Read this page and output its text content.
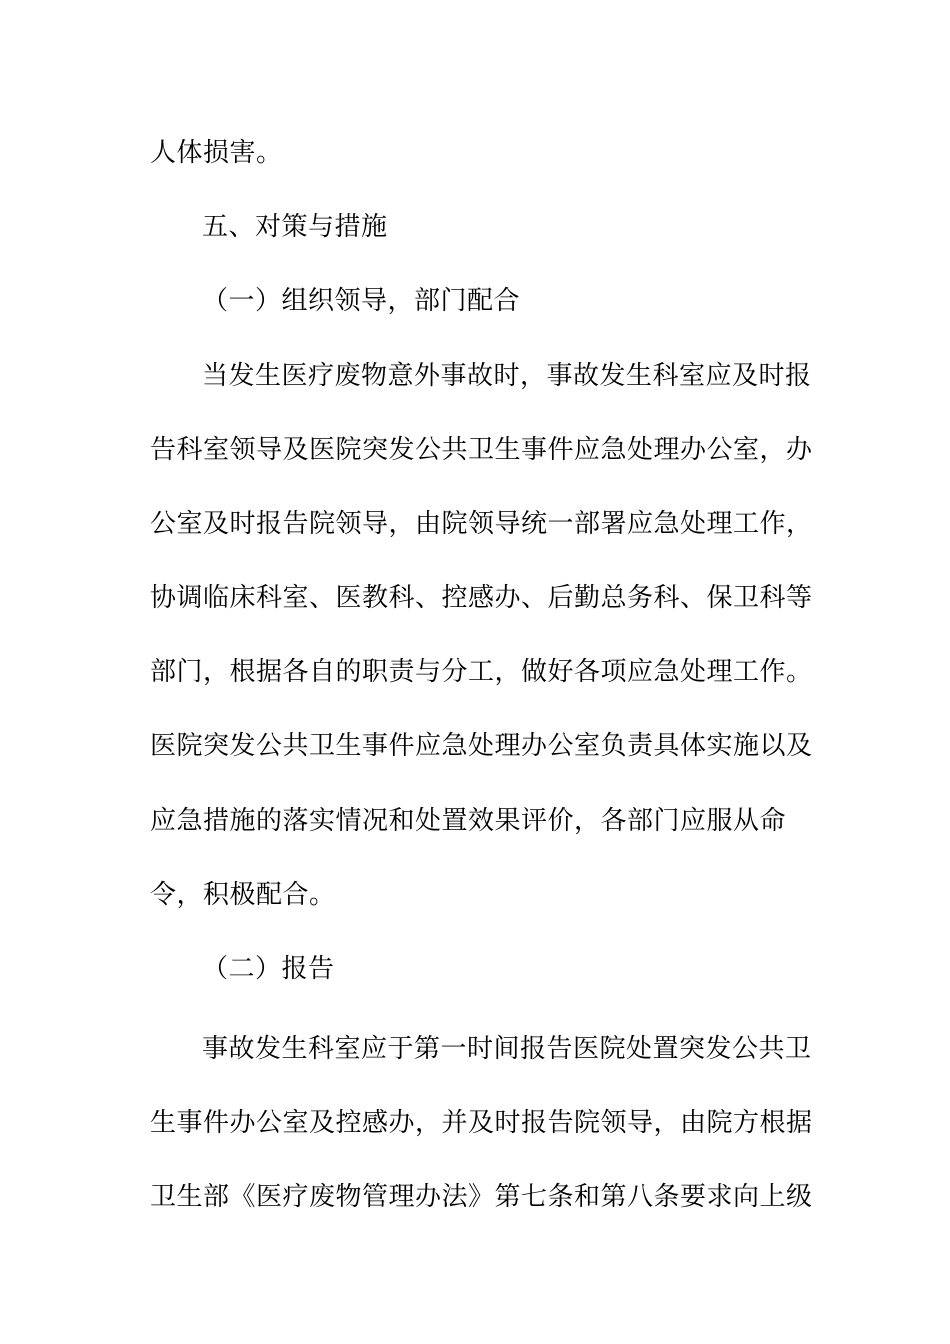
人体损害。
五、对策与措施
（一）组织领导，部门配合
当发生医疗废物意外事故时，事故发生科室应及时报
告科室领导及医院突发公共卫生事件应急处理办公室，办
公室及时报告院领导，由院领导统一部署应急处理工作，
协调临床科室、医教科、控感办、后勤总务科、保卫科等
部门，根据各自的职责与分工，做好各项应急处理工作。
医院突发公共卫生事件应急处理办公室负责具体实施以及
应急措施的落实情况和处置效果评价，各部门应服从命
令，积极配合。
（二）报告
事故发生科室应于第一时间报告医院处置突发公共卫
生事件办公室及控感办，并及时报告院领导，由院方根据
卫生部《医疗废物管理办法》第七条和第八条要求向上级
